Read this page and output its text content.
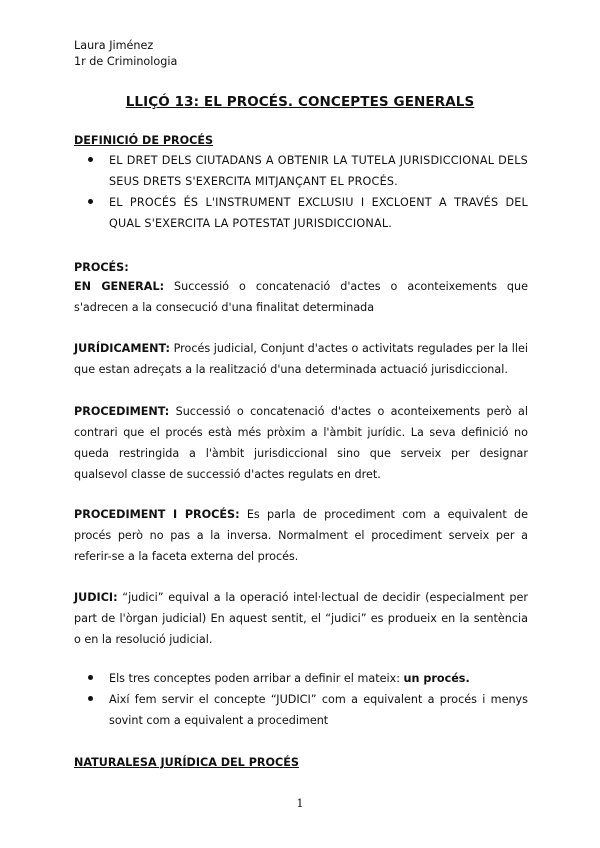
Laura Jiménez
1r de Criminologia
LLIÇÓ 13: EL PROCÉS. CONCEPTES GENERALS
DEFINICIÓ DE PROCÉS
EL DRET DELS CIUTADANS A OBTENIR LA TUTELA JURISDICCIONAL DELS SEUS DRETS S'EXERCITA MITJANÇANT EL PROCÉS.
EL PROCÉS ÉS L'INSTRUMENT EXCLUSIU I EXCLOENT A TRAVÉS DEL QUAL S'EXERCITA LA POTESTAT JURISDICCIONAL.
PROCÉS:
EN GENERAL: Successió o concatenació d'actes o aconteixements que s'adrecen a la consecució d'una finalitat determinada
JURÍDICAMENT: Procés judicial, Conjunt d'actes o activitats regulades per la llei que estan adreçats a la realització d'una determinada actuació jurisdiccional.
PROCEDIMENT: Successió o concatenació d'actes o aconteixements però al contrari que el procés està més pròxim a l'àmbit jurídic. La seva definició no queda restringida a l'àmbit jurisdiccional sino que serveix per designar qualsevol classe de successió d'actes regulats en dret.
PROCEDIMENT I PROCÉS: Es parla de procediment com a equivalent de procés però no pas a la inversa. Normalment el procediment serveix per a referir-se a la faceta externa del procés.
JUDICI: “judici” equival a la operació intel·lectual de decidir (especialment per part de l'òrgan judicial) En aquest sentit, el “judici” es produeix en la sentència o en la resolució judicial.
Els tres conceptes poden arribar a definir el mateix: un procés.
Així fem servir el concepte “JUDICI” com a equivalent a procés i menys sovint com a equivalent a procediment
NATURALESA JURÍDICA DEL PROCÉS
1
